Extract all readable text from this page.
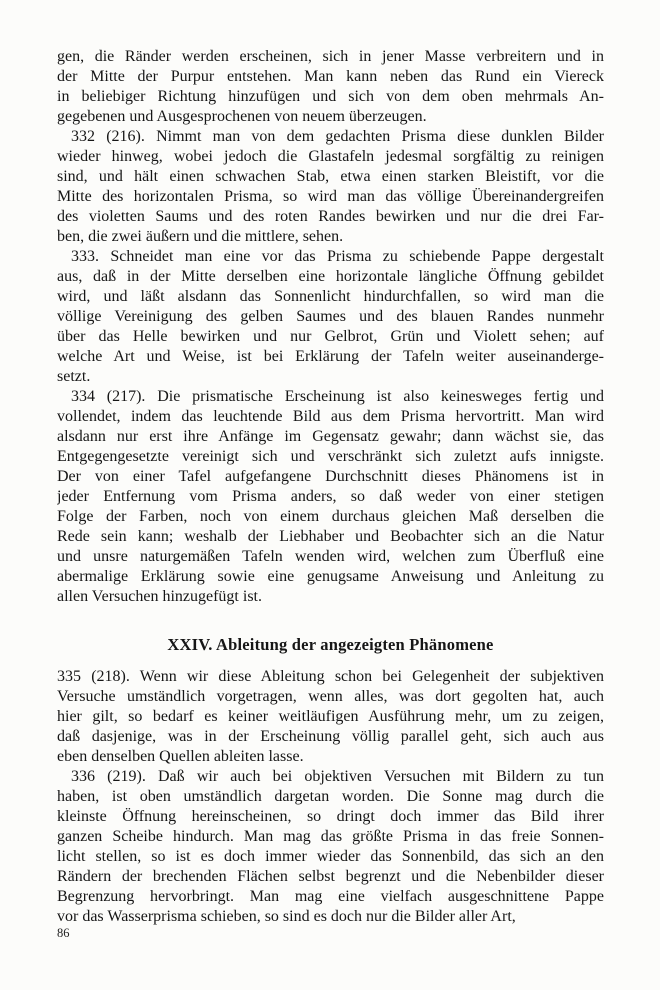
gen, die Ränder werden erscheinen, sich in jener Masse verbreitern und in
der Mitte der Purpur entstehen. Man kann neben das Rund ein Viereck
in beliebiger Richtung hinzufügen und sich von dem oben mehrmals An-
gegebenen und Ausgesprochenen von neuem überzeugen.
332 (216). Nimmt man von dem gedachten Prisma diese dunklen Bilder
wieder hinweg, wobei jedoch die Glastafeln jedesmal sorgfältig zu reinigen
sind, und hält einen schwachen Stab, etwa einen starken Bleistift, vor die
Mitte des horizontalen Prisma, so wird man das völlige Übereinandergreifen
des violetten Saums und des roten Randes bewirken und nur die drei Far-
ben, die zwei äußern und die mittlere, sehen.
333. Schneidet man eine vor das Prisma zu schiebende Pappe dergestalt
aus, daß in der Mitte derselben eine horizontale längliche Öffnung gebildet
wird, und läßt alsdann das Sonnenlicht hindurchfallen, so wird man die
völlige Vereinigung des gelben Saumes und des blauen Randes nunmehr
über das Helle bewirken und nur Gelbrot, Grün und Violett sehen; auf
welche Art und Weise, ist bei Erklärung der Tafeln weiter auseinanderge-
setzt.
334 (217). Die prismatische Erscheinung ist also keinesweges fertig und
vollendet, indem das leuchtende Bild aus dem Prisma hervortritt. Man wird
alsdann nur erst ihre Anfänge im Gegensatz gewahr; dann wächst sie, das
Entgegengesetzte vereinigt sich und verschränkt sich zuletzt aufs innigste.
Der von einer Tafel aufgefangene Durchschnitt dieses Phänomens ist in
jeder Entfernung vom Prisma anders, so daß weder von einer stetigen
Folge der Farben, noch von einem durchaus gleichen Maß derselben die
Rede sein kann; weshalb der Liebhaber und Beobachter sich an die Natur
und unsre naturgemäßen Tafeln wenden wird, welchen zum Überfluß eine
abermalige Erklärung sowie eine genugsame Anweisung und Anleitung zu
allen Versuchen hinzugefügt ist.
XXIV. Ableitung der angezeigten Phänomene
335 (218). Wenn wir diese Ableitung schon bei Gelegenheit der subjektiven
Versuche umständlich vorgetragen, wenn alles, was dort gegolten hat, auch
hier gilt, so bedarf es keiner weitläufigen Ausführung mehr, um zu zeigen,
daß dasjenige, was in der Erscheinung völlig parallel geht, sich auch aus
eben denselben Quellen ableiten lasse.
336 (219). Daß wir auch bei objektiven Versuchen mit Bildern zu tun
haben, ist oben umständlich dargetan worden. Die Sonne mag durch die
kleinste Öffnung hereinscheinen, so dringt doch immer das Bild ihrer
ganzen Scheibe hindurch. Man mag das größte Prisma in das freie Sonnen-
licht stellen, so ist es doch immer wieder das Sonnenbild, das sich an den
Rändern der brechenden Flächen selbst begrenzt und die Nebenbilder dieser
Begrenzung hervorbringt. Man mag eine vielfach ausgeschnittene Pappe
vor das Wasserprisma schieben, so sind es doch nur die Bilder aller Art,
86
